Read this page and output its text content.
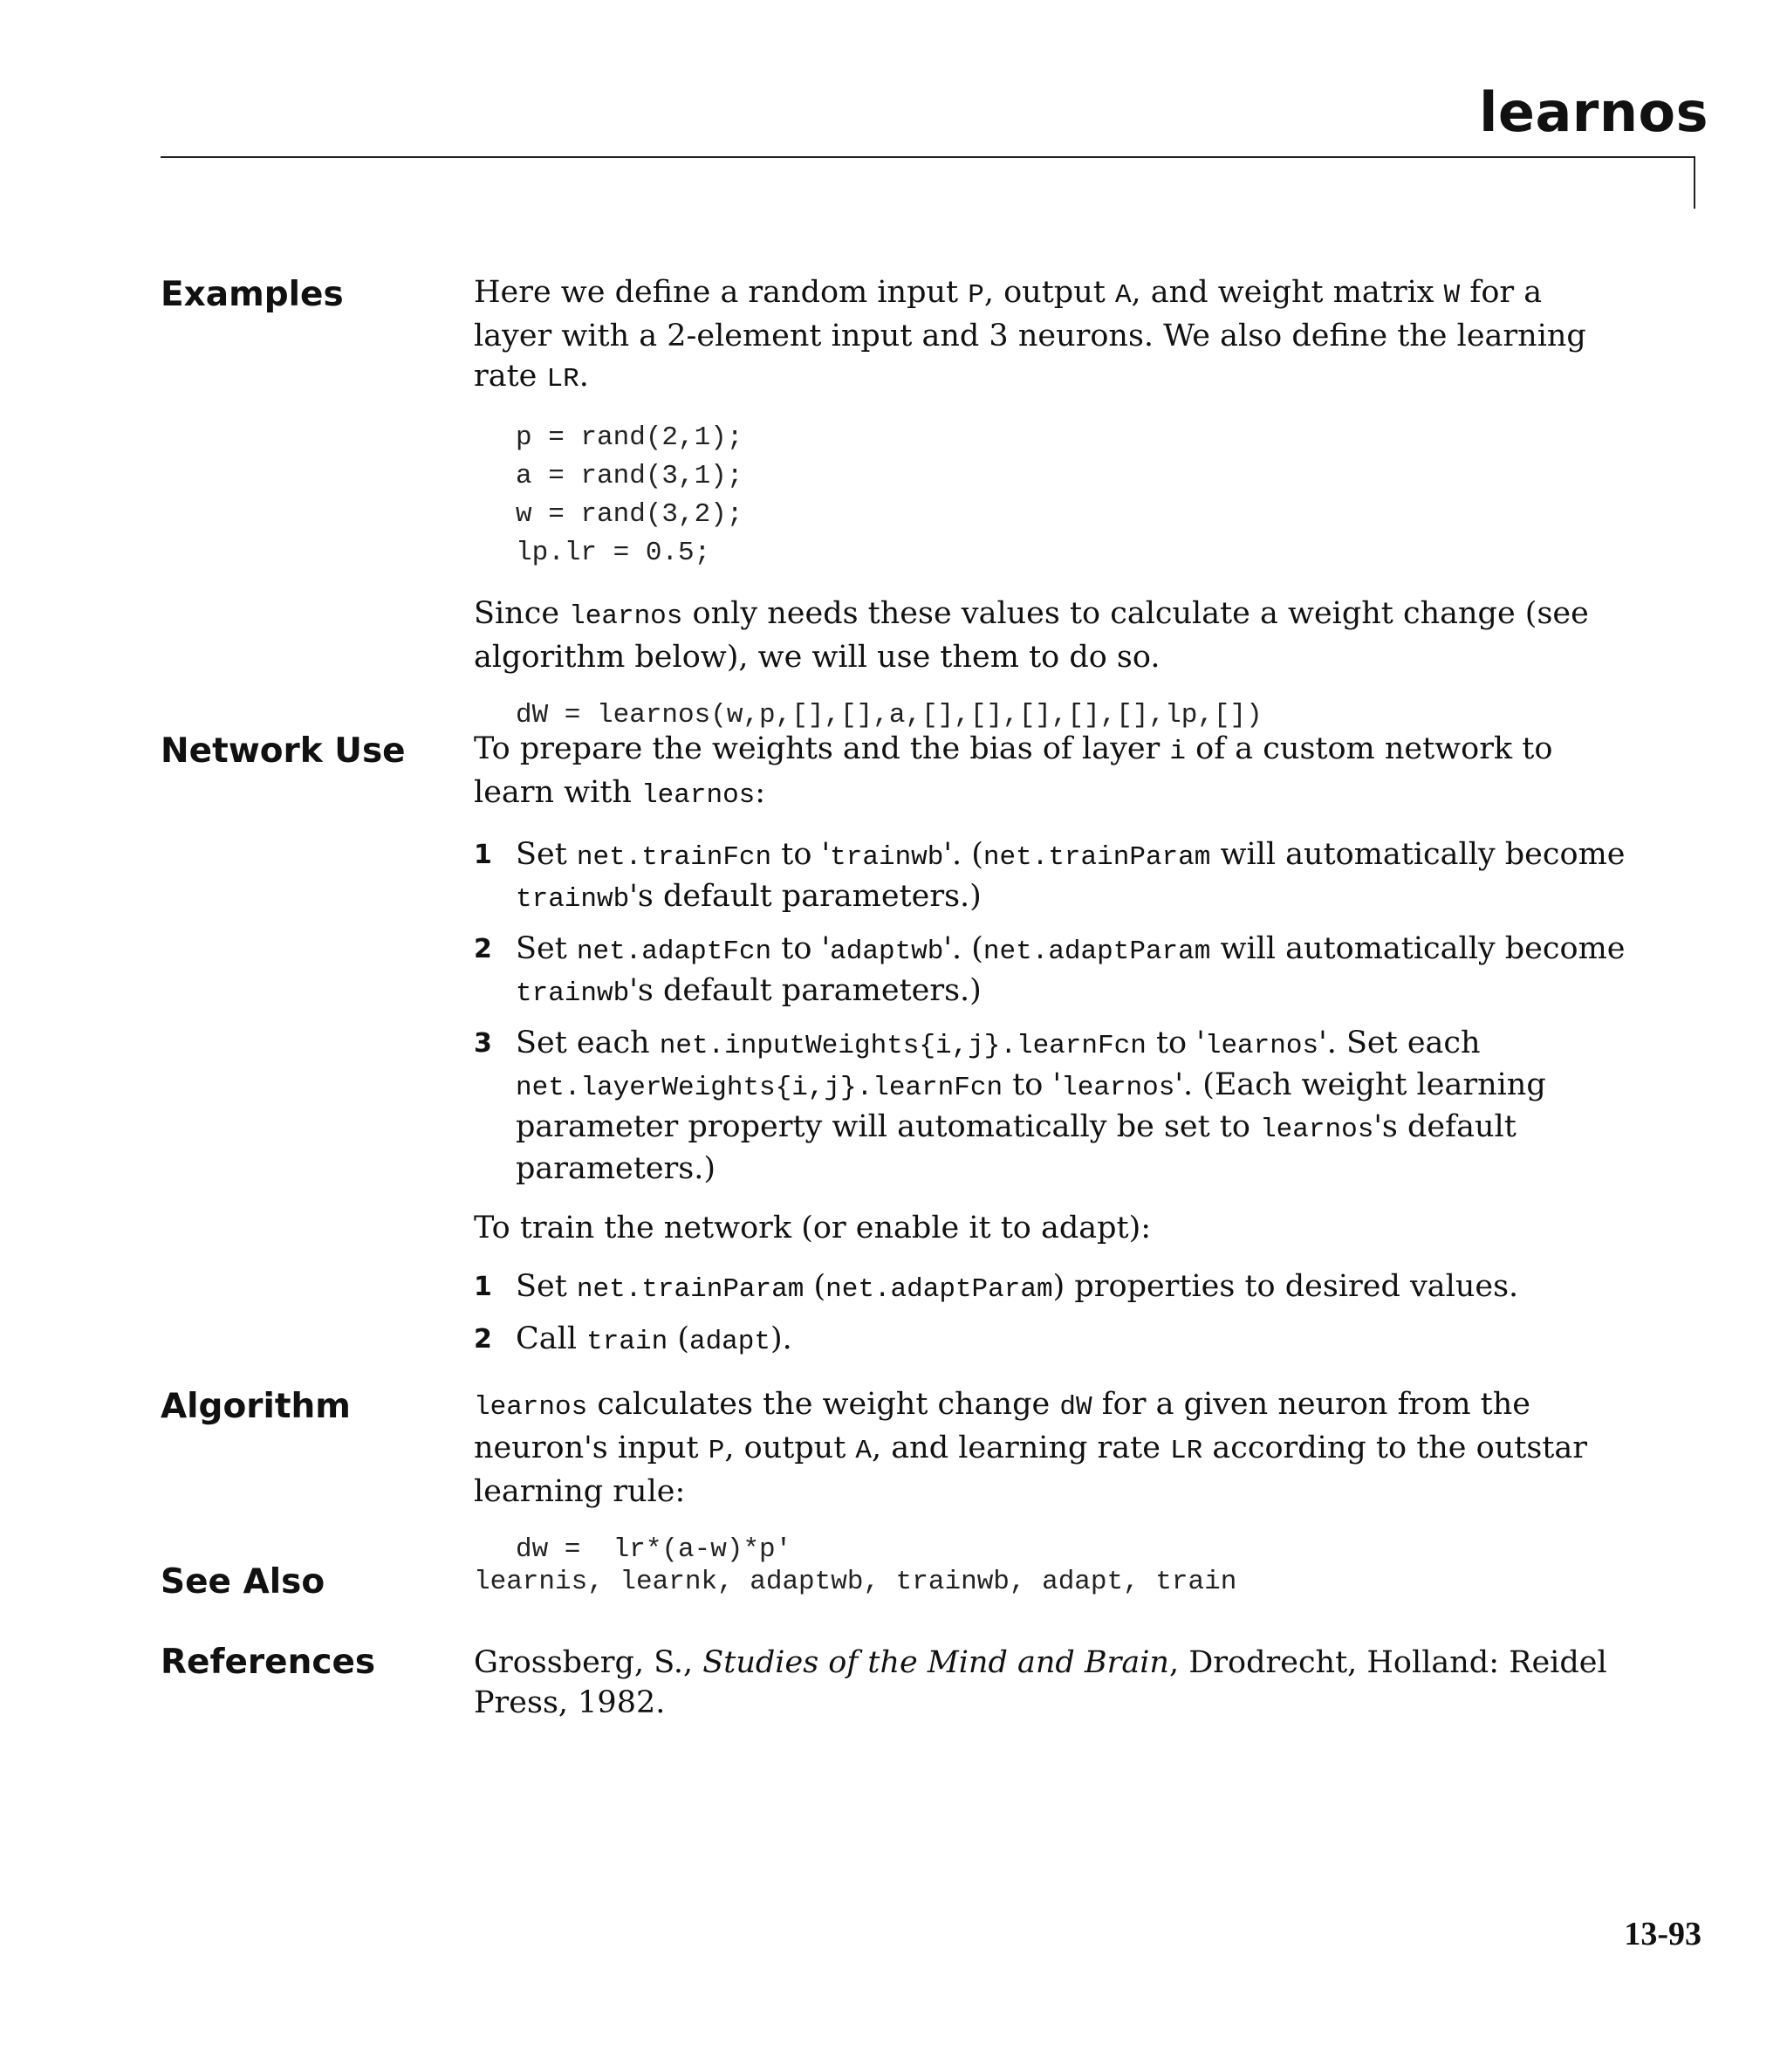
learnos
Examples	Here we define a random input P, output A, and weight matrix W for a layer with a 2-element input and 3 neurons. We also define the learning rate LR.

p = rand(2,1);
a = rand(3,1);
w = rand(3,2);
lp.lr = 0.5;

Since learnos only needs these values to calculate a weight change (see algorithm below), we will use them to do so.

dW = learnos(w,p,[],[],a,[],[],[],[],[],lp,[])
Network Use To prepare the weights and the bias of layer i of a custom network to learn with learnos:

1 Set net.trainFcn to 'trainwb'. (net.trainParam will automatically become trainwb's default parameters.)
2 Set net.adaptFcn to 'adaptwb'. (net.adaptParam will automatically become trainwb's default parameters.)
3 Set each net.inputWeights{i,j}.learnFcn to 'learnos'. Set each net.layerWeights{i,j}.learnFcn to 'learnos'. (Each weight learning parameter property will automatically be set to learnos's default parameters.)

To train the network (or enable it to adapt):

1 Set net.trainParam (net.adaptParam) properties to desired values.
2 Call train (adapt).
Algorithm	learnos calculates the weight change dW for a given neuron from the neuron's input P, output A, and learning rate LR according to the outstar learning rule:

dw =  lr*(a-w)*p'
See Also	learnis, learnk, adaptwb, trainwb, adapt, train
References	Grossberg, S., Studies of the Mind and Brain, Drodrecht, Holland: Reidel Press, 1982.

13-93
